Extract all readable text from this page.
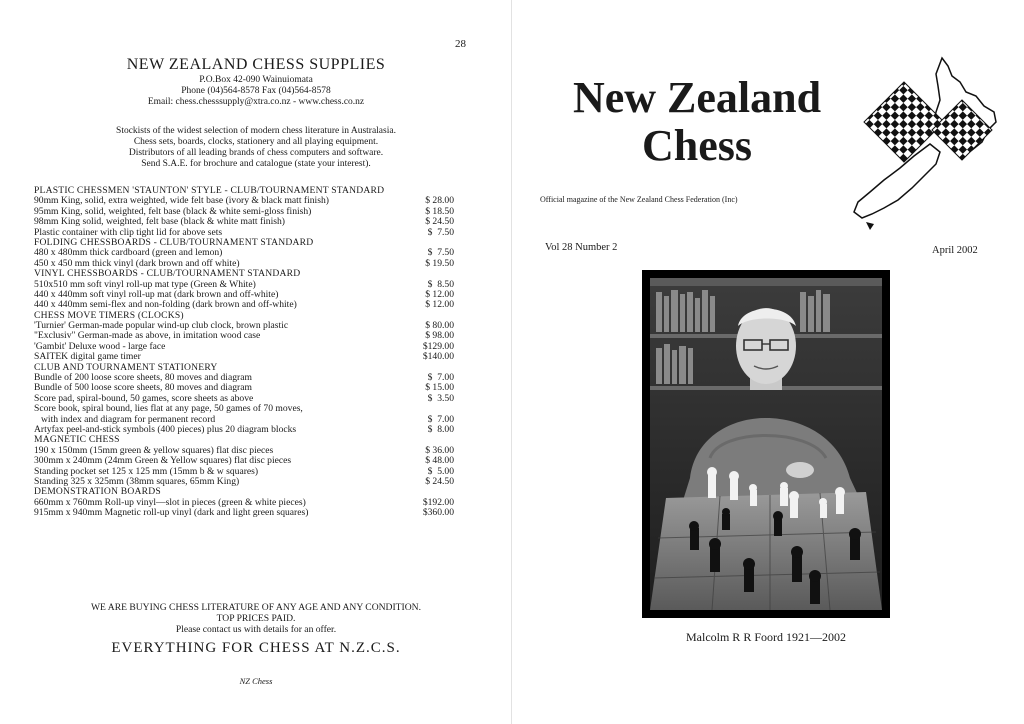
28
NEW ZEALAND CHESS SUPPLIES
P.O.Box 42-090 Wainuiomata
Phone (04)564-8578 Fax (04)564-8578
Email: chess.chesssupply@xtra.co.nz - www.chess.co.nz
Stockists of the widest selection of modern chess literature in Australasia.
Chess sets, boards, clocks, stationery and all playing equipment.
Distributors of all leading brands of chess computers and software.
Send S.A.E. for brochure and catalogue (state your interest).
PLASTIC CHESSMEN 'STAUNTON' STYLE - CLUB/TOURNAMENT STANDARD
90mm King, solid, extra weighted, wide felt base (ivory & black matt finish)	$ 28.00
95mm King, solid, weighted, felt base (black & white semi-gloss finish)	$ 18.50
98mm King solid, weighted, felt base (black & white matt finish)	$ 24.50
Plastic container with clip tight lid for above sets	$  7.50
FOLDING CHESSBOARDS - CLUB/TOURNAMENT STANDARD
480 x 480mm thick cardboard (green and lemon)	$  7.50
450 x 450 mm thick vinyl (dark brown and off white)	$ 19.50
VINYL CHESSBOARDS - CLUB/TOURNAMENT STANDARD
510x510 mm soft vinyl roll-up mat type (Green & White)	$  8.50
440 x 440mm soft vinyl roll-up mat (dark brown and off-white)	$ 12.00
440 x 440mm semi-flex and non-folding (dark brown and off-white)	$ 12.00
CHESS MOVE TIMERS (CLOCKS)
'Turnier' German-made popular wind-up club clock, brown plastic	$ 80.00
"Exclusiv" German-made as above, in imitation wood case	$ 98.00
'Gambit' Deluxe wood - large face	$129.00
SAITEK digital game timer	$140.00
CLUB AND TOURNAMENT STATIONERY
Bundle of 200 loose score sheets, 80 moves and diagram	$  7.00
Bundle of 500 loose score sheets, 80 moves and diagram	$ 15.00
Score pad, spiral-bound, 50 games, score sheets as above	$  3.50
Score book, spiral bound, lies flat at any page, 50 games of 70 moves,
with index and diagram for permanent record	$  7.00
Artyfax peel-and-stick symbols (400 pieces) plus 20 diagram blocks	$  8.00
MAGNETIC CHESS
190 x 150mm (15mm green & yellow squares) flat disc pieces	$ 36.00
300mm x 240mm (24mm Green & Yellow squares) flat disc pieces	$ 48.00
Standing pocket set 125 x 125 mm (15mm b & w squares)	$  5.00
Standing 325 x 325mm (38mm squares, 65mm King)	$ 24.50
DEMONSTRATION BOARDS
660mm x 760mm Roll-up vinyl—slot in pieces (green & white pieces)	$192.00
915mm x 940mm Magnetic roll-up vinyl (dark and light green squares)	$360.00
WE ARE BUYING CHESS LITERATURE OF ANY AGE AND ANY CONDITION.
TOP PRICES PAID.
Please contact us with details for an offer.
EVERYTHING FOR CHESS AT N.Z.C.S.
NZ Chess
New Zealand
Chess
Official magazine of the New Zealand Chess Federation (Inc)
Vol 28 Number 2	April 2002
Malcolm R R Foord 1921—2002
